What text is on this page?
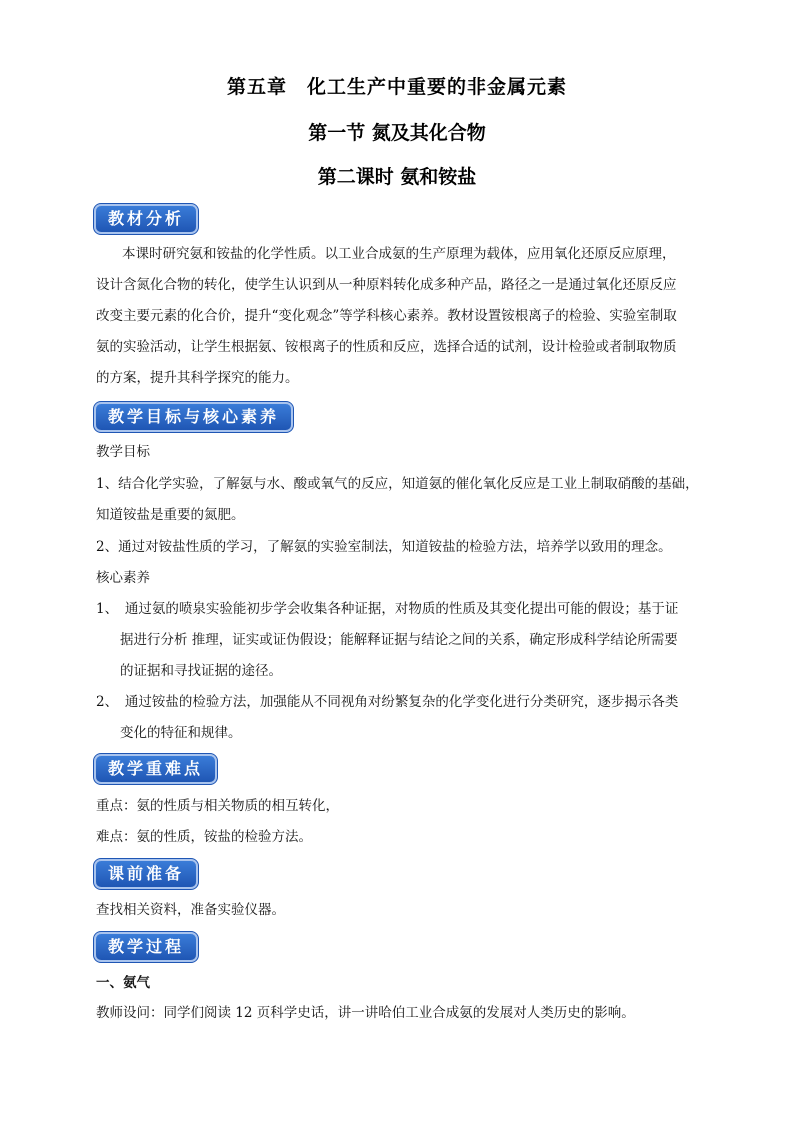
第五章　化工生产中重要的非金属元素
第一节 氮及其化合物
第二课时 氨和铵盐
教材分析
本课时研究氨和铵盐的化学性质。以工业合成氨的生产原理为载体，应用氧化还原反应原理，
设计含氮化合物的转化，使学生认识到从一种原料转化成多种产品，路径之一是通过氧化还原反应
改变主要元素的化合价，提升“变化观念”等学科核心素养。教材设置铵根离子的检验、实验室制取
氨的实验活动，让学生根据氨、铵根离子的性质和反应，选择合适的试剂，设计检验或者制取物质
的方案，提升其科学探究的能力。
教学目标与核心素养
教学目标
1、结合化学实验，了解氨与水、酸或氧气的反应，知道氨的催化氧化反应是工业上制取硝酸的基础，
知道铵盐是重要的氮肥。
2、通过对铵盐性质的学习，了解氨的实验室制法，知道铵盐的检验方法，培养学以致用的理念。
核心素养
1、　通过氨的喷泉实验能初步学会收集各种证据，对物质的性质及其变化提出可能的假设；基于证
据进行分析 推理，证实或证伪假设；能解释证据与结论之间的关系，确定形成科学结论所需要
的证据和寻找证据的途径。
2、　通过铵盐的检验方法，加强能从不同视角对纷繁复杂的化学变化进行分类研究，逐步揭示各类
变化的特征和规律。
教学重难点
重点：氨的性质与相关物质的相互转化，
难点：氨的性质，铵盐的检验方法。
课前准备
查找相关资料，准备实验仪器。
教学过程
一、氨气
教师设问：同学们阅读 12 页科学史话，讲一讲哈伯工业合成氨的发展对人类历史的影响。
